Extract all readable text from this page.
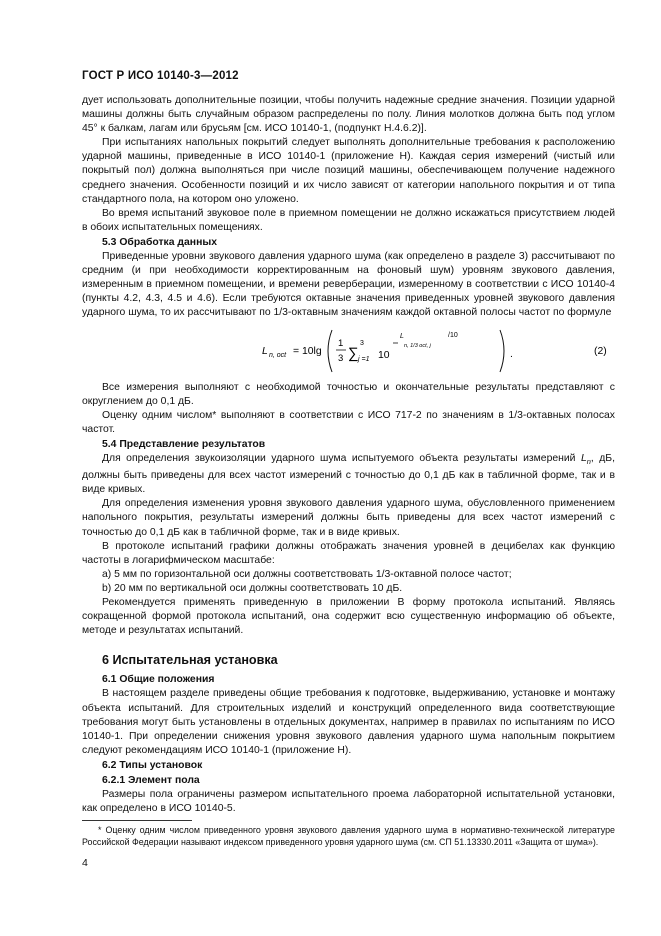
ГОСТ Р ИСО 10140-3—2012

дует использовать дополнительные позиции, чтобы получить надежные средние значения. Позиции ударной машины должны быть случайным образом распределены по полу. Линия молотков должна быть под углом 45° к балкам, лагам или брусьям [см. ИСО 10140-1, (подпункт H.4.6.2)].

При испытаниях напольных покрытий следует выполнять дополнительные требования к расположению ударной машины, приведенные в ИСО 10140-1 (приложение H). Каждая серия измерений (чистый или покрытый пол) должна выполняться при числе позиций машины, обеспечивающем получение надежного среднего значения. Особенности позиций и их число зависят от категории напольного покрытия и от типа стандартного пола, на котором оно уложено.

Во время испытаний звуковое поле в приемном помещении не должно искажаться присутствием людей в обоих испытательных помещениях.

5.3 Обработка данных

Приведенные уровни звукового давления ударного шума (как определено в разделе 3) рассчитывают по средним (и при необходимости корректированным на фоновый шум) уровням звукового давления, измеренным в приемном помещении, и времени реверберации, измеренному в соответствии с ИСО 10140-4 (пункты 4.2, 4.3, 4.5 и 4.6). Если требуются октавные значения приведенных уровней звукового давления ударного шума, то их рассчитывают по 1/3-октавным значениям каждой октавной полосы частот по формуле

L n, oct = 10lg
1
3 ∑
3
j =1 10
L
n, 1/3 oct, j
/10
.	(2)

Все измерения выполняют с необходимой точностью и окончательные результаты представляют с округлением до 0,1 дБ.

Оценку одним числом* выполняют в соответствии с ИСО 717-2 по значениям в 1/3-октавных полосах частот.

5.4 Представление результатов

Для определения звукоизоляции ударного шума испытуемого объекта результаты измерений $L_n$, дБ, должны быть приведены для всех частот измерений с точностью до 0,1 дБ как в табличной форме, так и в виде кривых.

Для определения изменения уровня звукового давления ударного шума, обусловленного применением напольного покрытия, результаты измерений должны быть приведены для всех частот измерений с точностью до 0,1 дБ как в табличной форме, так и в виде кривых.

В протоколе испытаний графики должны отображать значения уровней в децибелах как функцию частоты в логарифмическом масштабе:

a) 5 мм по горизонтальной оси должны соответствовать 1/3-октавной полосе частот;
b) 20 мм по вертикальной оси должны соответствовать 10 дБ.

Рекомендуется применять приведенную в приложении В форму протокола испытаний. Являясь сокращенной формой протокола испытаний, она содержит всю существенную информацию об объекте, методе и результатах испытаний.

6 Испытательная установка
6.1 Общие положения

В настоящем разделе приведены общие требования к подготовке, выдерживанию, установке и монтажу объекта испытаний. Для строительных изделий и конструкций определенного вида соответствующие требования могут быть установлены в отдельных документах, например в правилах по испытаниям по ИСО 10140-1. При определении снижения уровня звукового давления ударного шума напольным покрытием следуют рекомендациям ИСО 10140-1 (приложение H).

6.2 Типы установок
6.2.1 Элемент пола

Размеры пола ограничены размером испытательного проема лабораторной испытательной установки, как определено в ИСО 10140-5.

* Оценку одним числом приведенного уровня звукового давления ударного шума в нормативно-технической литературе Российской Федерации называют индексом приведенного уровня ударного шума (см. СП 51.13330.2011 «Защита от шума»).

4
